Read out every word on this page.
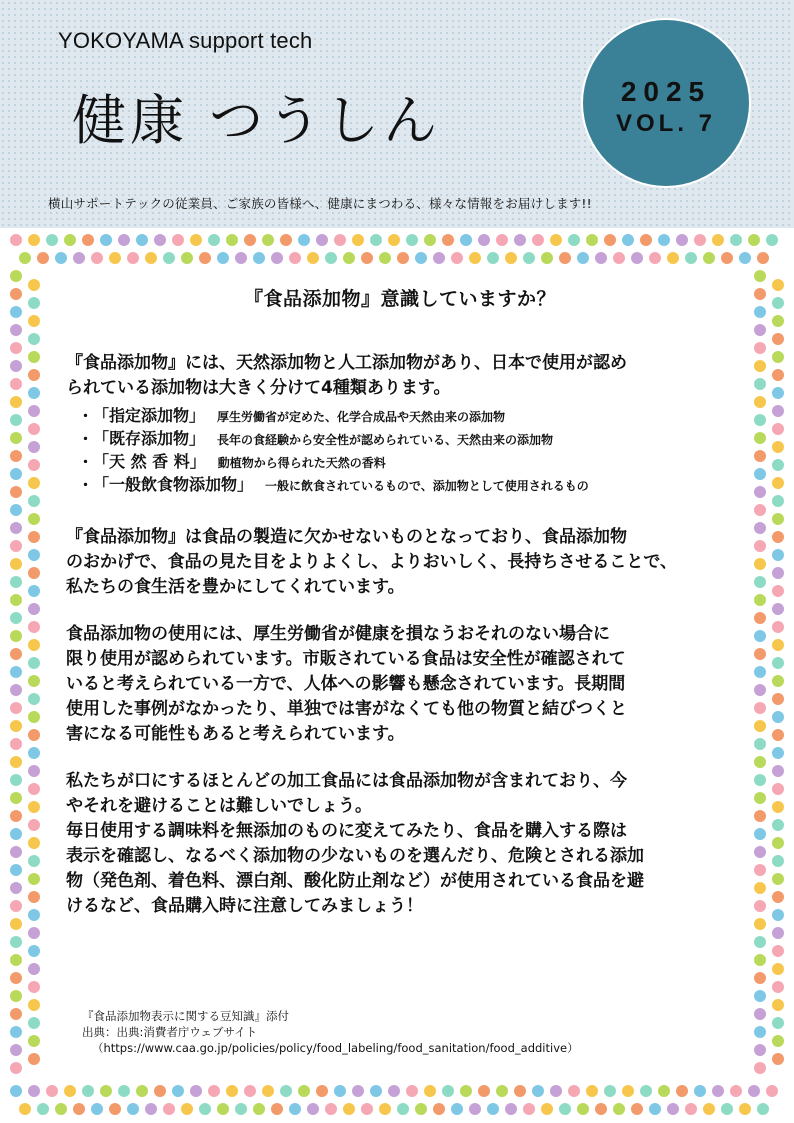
YOKOYAMA support tech
健康 つうしん	2025
VOL. 7
横山サポートテックの従業員、ご家族の皆様へ、健康にまつわる、様々な情報をお届けします!!
『食品添加物』意識していますか？

『食品添加物』には、天然添加物と人工添加物があり、日本で使用が認め
られている添加物は大きく分けて4種類あります。

・ 「指定添加物」 厚生労働省が定めた、化学合成品や天然由来の添加物
・ 「既存添加物」 長年の食経験から安全性が認められている、天然由来の添加物
・ 「天 然 香 料」 動植物から得られた天然の香料
・ 「一般飲食物添加物」 一般に飲食されているもので、添加物として使用されるもの

『食品添加物』は食品の製造に欠かせないものとなっており、食品添加物
のおかげで、食品の見た目をよりよくし、よりおいしく、長持ちさせることで、
私たちの食生活を豊かにしてくれています。

食品添加物の使用には、厚生労働省が健康を損なうおそれのない場合に
限り使用が認められています。市販されている食品は安全性が確認されて
いると考えられている一方で、人体への影響も懸念されています。長期間
使用した事例がなかったり、単独では害がなくても他の物質と結びつくと
害になる可能性もあると考えられています。

私たちが口にするほとんどの加工食品には食品添加物が含まれており、今
やそれを避けることは難しいでしょう。
毎日使用する調味料を無添加のものに変えてみたり、食品を購入する際は
表示を確認し、なるべく添加物の少ないものを選んだり、危険とされる添加
物（発色剤、着色料、漂白剤、酸化防止剤など）が使用されている食品を避
けるなど、食品購入時に注意してみましょう！

『食品添加物表示に関する豆知識』添付
出典：出典:消費者庁ウェブサイト
（https://www.caa.go.jp/policies/policy/food_labeling/food_sanitation/food_additive）
